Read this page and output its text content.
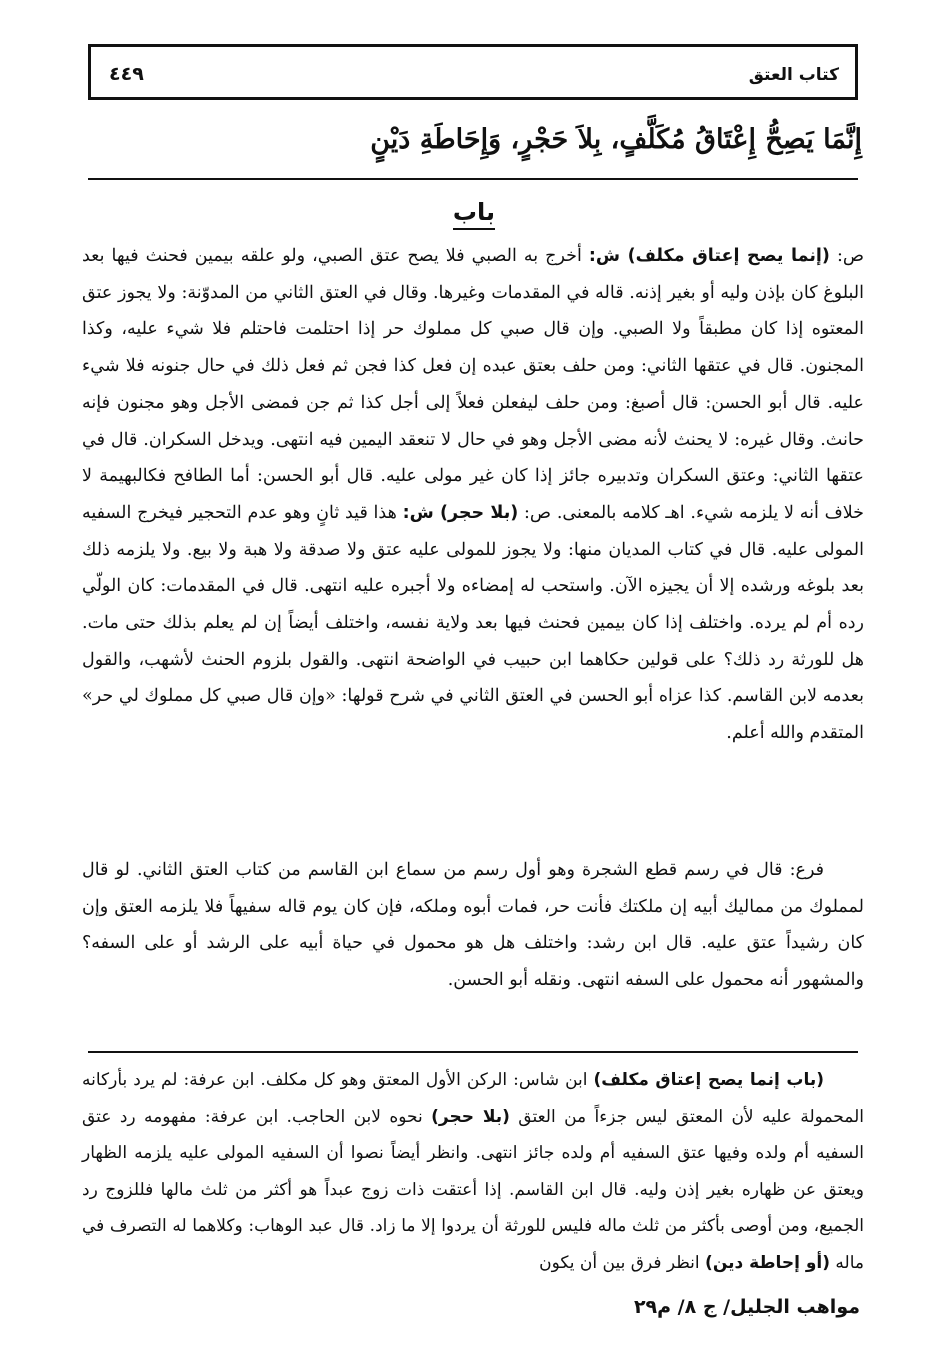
كتاب العتق
٤٤٩
إِنَّمَا يَصِحُّ إِعْتَاقُ مُكَلَّفٍ، بِلاَ حَجْرٍ، وَإِحَاطَةِ دَيْنٍ
باب

ص: (إنما يصح إعتاق مكلف) ش: أخرج به الصبي فلا يصح عتق الصبي، ولو علقه بيمين فحنث فيها بعد البلوغ كان بإذن وليه أو بغير إذنه. قاله في المقدمات وغيرها. وقال في العتق الثاني من المدوّنة: ولا يجوز عتق المعتوه إذا كان مطبقاً ولا الصبي. وإن قال صبي كل مملوك حر إذا احتلمت فاحتلم فلا شيء عليه، وكذا المجنون. قال في عتقها الثاني: ومن حلف بعتق عبده إن فعل كذا فجن ثم فعل ذلك في حال جنونه فلا شيء عليه. قال أبو الحسن: قال أصبغ: ومن حلف ليفعلن فعلاً إلى أجل كذا ثم جن فمضى الأجل وهو مجنون فإنه حانث. وقال غيره: لا يحنث لأنه مضى الأجل وهو في حال لا تنعقد اليمين فيه انتهى. ويدخل السكران. قال في عتقها الثاني: وعتق السكران وتدبيره جائز إذا كان غير مولى عليه. قال أبو الحسن: أما الطافح فكالبهيمة لا خلاف أنه لا يلزمه شيء. اهـ كلامه بالمعنى. ص: (بلا حجر) ش: هذا قيد ثانٍ وهو عدم التحجير فيخرج السفيه المولى عليه. قال في كتاب المديان منها: ولا يجوز للمولى عليه عتق ولا صدقة ولا هبة ولا بيع. ولا يلزمه ذلك بعد بلوغه ورشده إلا أن يجيزه الآن. واستحب له إمضاءه ولا أجبره عليه انتهى. قال في المقدمات: كان الولّي رده أم لم يرده. واختلف إذا كان بيمين فحنث فيها بعد ولاية نفسه، واختلف أيضاً إن لم يعلم بذلك حتى مات. هل للورثة رد ذلك؟ على قولين حكاهما ابن حبيب في الواضحة انتهى. والقول بلزوم الحنث لأشهب، والقول بعدمه لابن القاسم. كذا عزاه أبو الحسن في العتق الثاني في شرح قولها: «وإن قال صبي كل مملوك لي حر» المتقدم والله أعلم.

فرع: قال في رسم قطع الشجرة وهو أول رسم من سماع ابن القاسم من كتاب العتق الثاني. لو قال لمملوك من مماليك أبيه إن ملكتك فأنت حر، فمات أبوه وملكه، فإن كان يوم قاله سفيهاً فلا يلزمه العتق وإن كان رشيداً عتق عليه. قال ابن رشد: واختلف هل هو محمول في حياة أبيه على الرشد أو على السفه؟ والمشهور أنه محمول على السفه انتهى. ونقله أبو الحسن.

(باب إنما يصح إعتاق مكلف) ابن شاس: الركن الأول المعتق وهو كل مكلف. ابن عرفة: لم يرد بأركانه المحمولة عليه لأن المعتق ليس جزءاً من العتق (بلا حجر) نحوه لابن الحاجب. ابن عرفة: مفهومه رد عتق السفيه أم ولده وفيها عتق السفيه أم ولده جائز انتهى. وانظر أيضاً نصوا أن السفيه المولى عليه يلزمه الظهار ويعتق عن ظهاره بغير إذن وليه. قال ابن القاسم. إذا أعتقت ذات زوج عبداً هو أكثر من ثلث مالها فللزوج رد الجميع، ومن أوصى بأكثر من ثلث ماله فليس للورثة أن يردوا إلا ما زاد. قال عبد الوهاب: وكلاهما له التصرف في ماله (أو إحاطة دين) انظر فرق بين أن يكون

مواهب الجليل/ ج ٨/ م٢٩
